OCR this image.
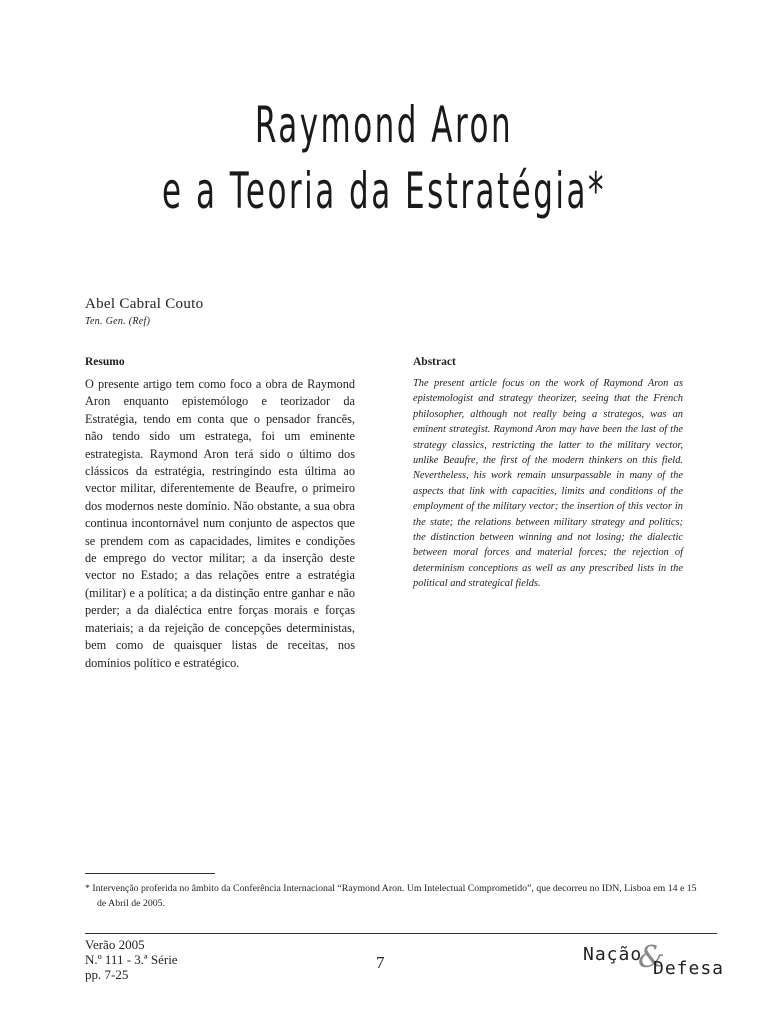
Raymond Aron
e a Teoria da Estratégia*
Abel Cabral Couto
Ten. Gen. (Ref)
Resumo

O presente artigo tem como foco a obra de Raymond Aron enquanto epistemólogo e teorizador da Estratégia, tendo em conta que o pensador francês, não tendo sido um estratega, foi um eminente estrategista. Raymond Aron terá sido o último dos clássicos da estratégia, restringindo esta última ao vector militar, diferentemente de Beaufre, o primeiro dos modernos neste domínio. Não obstante, a sua obra continua incontornável num conjunto de aspectos que se prendem com as capacidades, limites e condições de emprego do vector militar; a da inserção deste vector no Estado; a das relações entre a estratégia (militar) e a política; a da distinção entre ganhar e não perder; a da dialéctica entre forças morais e forças materiais; a da rejeição de concepções deterministas, bem como de quaisquer listas de receitas, nos domínios político e estratégico.

Abstract

The present article focus on the work of Raymond Aron as epistemologist and strategy theorizer, seeing that the French philosopher, although not really being a strategos, was an eminent strategist. Raymond Aron may have been the last of the strategy classics, restricting the latter to the military vector, unlike Beaufre, the first of the modern thinkers on this field. Nevertheless, his work remain unsurpassable in many of the aspects that link with capacities, limits and conditions of the employment of the military vector; the insertion of this vector in the state; the relations between military strategy and politics; the distinction between winning and not losing; the dialectic between moral forces and material forces; the rejection of determinism conceptions as well as any prescribed lists in the political and strategical fields.

* Intervenção proferida no âmbito da Conferência Internacional “Raymond Aron. Um Intelectual Comprometido”, que decorreu no IDN, Lisboa em 14 e 15 de Abril de 2005.
Verão 2005
N.º 111 - 3.ª Série
pp. 7-25
7	&
Nação
Defesa
